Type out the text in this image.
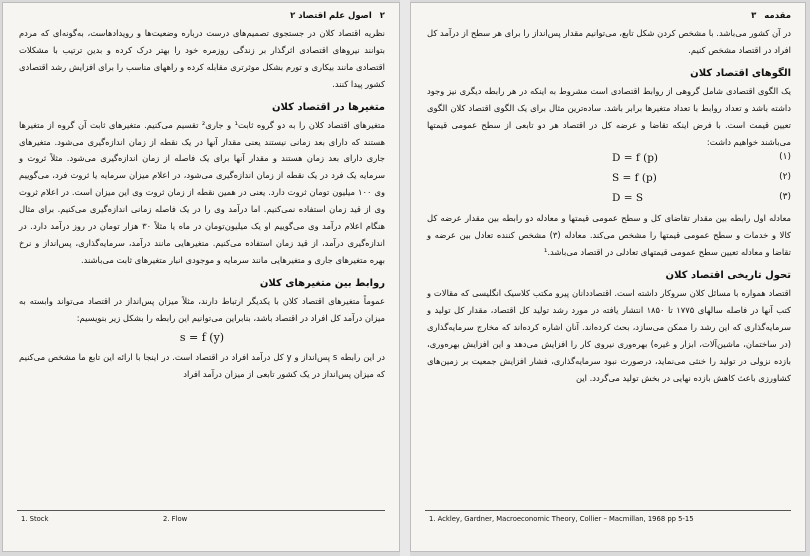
۲
اصول علم اقتصاد ۲

نظریه اقتصاد کلان در جستجوی تصمیم‌های درست درباره وضعیت‌ها و رویدادهاست، به‌گونه‌ای که مردم بتوانند نیروهای اقتصادی اثرگذار بر زندگی روزمره خود را بهتر درک کرده و بدین ترتیب با مشکلات اقتصادی مانند بیکاری و تورم بشکل موثرتری مقابله کرده و راههای مناسب را برای افزایش رشد اقتصادی کشور پیدا کنند.

متغیرها در اقتصاد کلان

متغیرهای اقتصاد کلان را به دو گروه ثابت¹ و جاری² تقسیم می‌کنیم. متغیرهای ثابت آن گروه از متغیرها هستند که دارای بعد زمانی نیستند یعنی مقدار آنها در یک نقطه از زمان اندازه‌گیری می‌شود. متغیرهای جاری دارای بعد زمان هستند و مقدار آنها برای یک فاصله از زمان اندازه‌گیری می‌شود. مثلاً ثروت و سرمایه یک فرد در یک نقطه از زمان اندازه‌گیری می‌شود، در اعلام میزان سرمایه یا ثروت فرد، می‌گوییم وی ۱۰۰ میلیون تومان ثروت دارد. یعنی در همین نقطه از زمان ثروت وی این میزان است. در اعلام ثروت وی از قید زمان استفاده نمی‌کنیم. اما درآمد وی را در یک فاصله زمانی اندازه‌گیری می‌کنیم. برای مثال هنگام اعلام درآمد وی می‌گوییم او یک میلیون‌تومان در ماه یا مثلاً ۳۰ هزار تومان در روز درآمد دارد. در اندازه‌گیری درآمد، از قید زمان استفاده می‌کنیم. متغیرهایی مانند درآمد، سرمایه‌گذاری، پس‌انداز و نرخ بهره متغیرهای جاری و متغیرهایی مانند سرمایه و موجودی انبار متغیرهای ثابت می‌باشند.

روابط بین متغیرهای کلان

عموماً متغیرهای اقتصاد کلان با یکدیگر ارتباط دارند، مثلاً میزان پس‌انداز در اقتصاد می‌تواند وابسته به میزان درآمد کل افراد در اقتصاد باشد، بنابراین می‌توانیم این رابطه را بشکل زیر بنویسیم:

s = f (y)

در این رابطه s پس‌انداز و y کل درآمد افراد در اقتصاد است. در اینجا با ارائه این تابع ما مشخص می‌کنیم که میزان پس‌انداز در یک کشور تابعی از میزان درآمد افراد

1. Stock	2. Flow
مقدمه
۳

در آن کشور می‌باشد. با مشخص کردن شکل تابع، می‌توانیم مقدار پس‌انداز را برای هر سطح از درآمد کل افراد در اقتصاد مشخص کنیم.

الگوهای اقتصاد کلان

یک الگوی اقتصادی شامل گروهی از روابط اقتصادی است مشروط به اینکه در هر رابطه دیگری نیز وجود داشته باشد و تعداد روابط با تعداد متغیرها برابر باشد. ساده‌ترین مثال برای یک الگوی اقتصاد کلان الگوی تعیین قیمت است. با فرض اینکه تقاضا و عرضه کل در اقتصاد هر دو تابعی از سطح عمومی قیمتها می‌باشند خواهیم داشت:

D = f (p)	(۱)
S = f (p)	(۲)
D = S	(۳)

معادله اول رابطه بین مقدار تقاضای کل و سطح عمومی قیمتها و معادله دو رابطه بین مقدار عرضه کل کالا و خدمات و سطح عمومی قیمتها را مشخص می‌کند. معادله (۳) مشخص کننده تعادل بین عرضه و تقاضا و معادله تعیین سطح عمومی قیمتهای تعادلی در اقتصاد می‌باشد.¹

تحول تاریخی اقتصاد کلان

اقتصاد همواره با مسائل کلان سروکار داشته است. اقتصاددانان پیرو مکتب کلاسیک انگلیسی که مقالات و کتب آنها در فاصله سالهای ۱۷۷۵ تا ۱۸۵۰ انتشار یافته در مورد رشد تولید کل اقتصاد، مقدار کل تولید و سرمایه‌گذاری که این رشد را ممکن می‌سازد، بحث کرده‌اند. آنان اشاره کرده‌اند که مخارج سرمایه‌گذاری (در ساختمان، ماشین‌آلات، ابزار و غیره) بهره‌وری نیروی کار را افزایش می‌دهد و این افزایش بهره‌وری، بازده نزولی در تولید را خنثی می‌نماید، درصورت نبود سرمایه‌گذاری، فشار افزایش جمعیت بر زمین‌های کشاورزی باعث کاهش بازده نهایی در بخش تولید می‌گردد. این

1. Ackley, Gardner, Macroeconomic Theory, Collier – Macmillan, 1968 pp 5-15
